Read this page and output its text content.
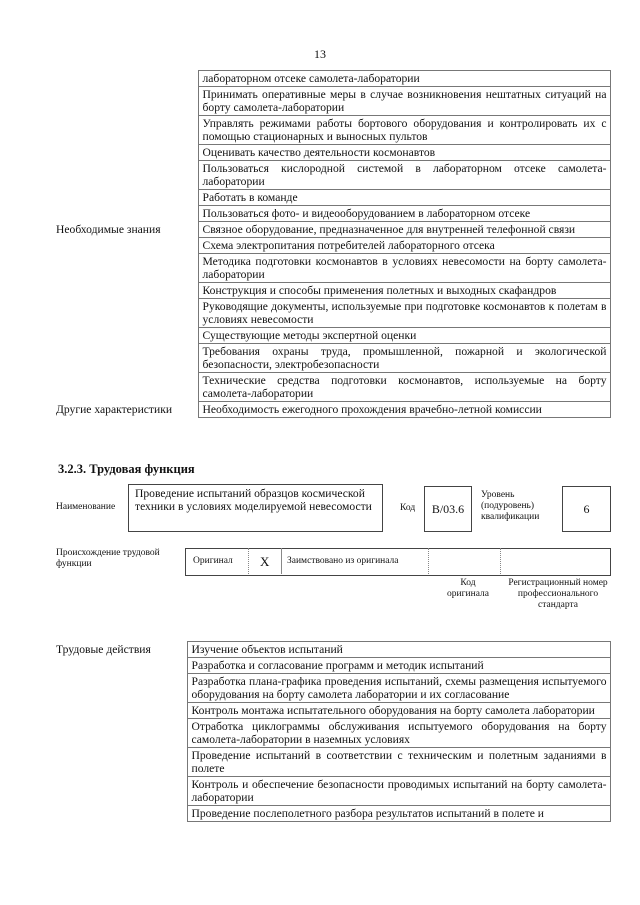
13
	лабораторном отсеке самолета-лаборатории
	Принимать оперативные меры в случае возникновения нештатных ситуаций на борту самолета-лаборатории
	Управлять режимами работы бортового оборудования и контролировать их с помощью стационарных и выносных пультов
	Оценивать качество деятельности космонавтов
	Пользоваться кислородной системой в лабораторном отсеке самолета-лаборатории
	Работать в команде
	Пользоваться фото- и видеооборудованием в лабораторном отсеке
Необходимые знания	Связное оборудование, предназначенное для внутренней телефонной связи
	Схема электропитания потребителей лабораторного отсека
	Методика подготовки космонавтов в условиях невесомости на борту самолета-лаборатории
	Конструкция и способы применения полетных и выходных скафандров
	Руководящие документы, используемые при подготовке космонавтов к полетам в условиях невесомости
	Существующие методы экспертной оценки
	Требования охраны труда, промышленной, пожарной и экологической безопасности, электробезопасности
	Технические средства подготовки космонавтов, используемые на борту самолета-лаборатории
Другие характеристики	Необходимость ежегодного прохождения врачебно-летной комиссии
3.2.3. Трудовая функция
Наименование
Проведение испытаний образцов космической техники в условиях моделируемой невесомости	Код	B/03.6
Уровень (подуровень) квалификации
6
Происхождение трудовой функции	Оригинал X Заимствовано из оригинала
Код оригинала
Регистрационный номер профессионального стандарта
Трудовые действия	Изучение объектов испытаний
	Разработка и согласование программ и методик испытаний
	Разработка плана-графика проведения испытаний, схемы размещения испытуемого оборудования на борту самолета лаборатории и их согласование
	Контроль монтажа испытательного оборудования на борту самолета лаборатории
	Отработка циклограммы обслуживания испытуемого оборудования на борту самолета-лаборатории в наземных условиях
	Проведение испытаний в соответствии с техническим и полетным заданиями в полете
	Контроль и обеспечение безопасности проводимых испытаний на борту самолета-лаборатории
	Проведение послеполетного разбора результатов испытаний в полете и
